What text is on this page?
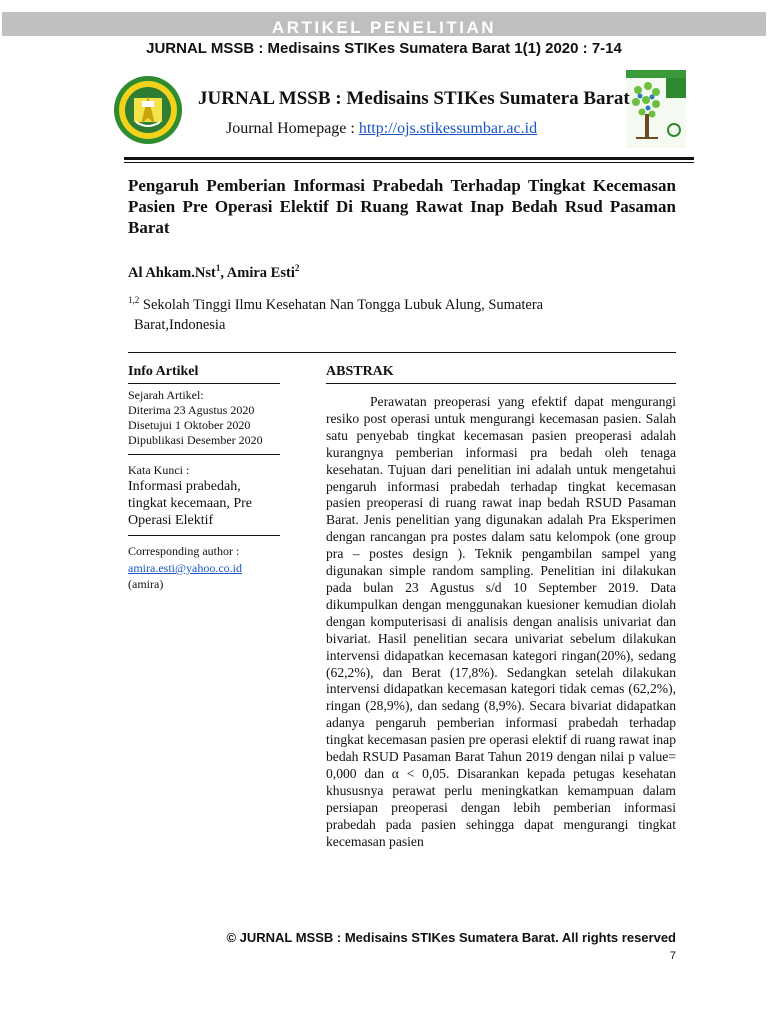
ARTIKEL PENELITIAN
JURNAL MSSB : Medisains STIKes Sumatera Barat 1(1) 2020 : 7-14
JURNAL MSSB : Medisains STIKes Sumatera Barat
Journal Homepage : http://ojs.stikessumbar.ac.id
Pengaruh Pemberian Informasi Prabedah Terhadap Tingkat Kecemasan Pasien Pre Operasi Elektif Di Ruang Rawat Inap Bedah Rsud Pasaman Barat
Al Ahkam.Nst$^1$, Amira Esti$^2$
$^{1,2}$ Sekolah Tinggi Ilmu Kesehatan Nan Tongga Lubuk Alung, Sumatera
Barat,Indonesia
Info Artikel
Sejarah Artikel:
Diterima 23 Agustus 2020
Disetujui 1 Oktober 2020
Dipublikasi Desember 2020
Kata Kunci :
Informasi prabedah, tingkat kecemaan, Pre Operasi Elektif
Corresponding author :
amira.esti@yahoo.co.id
(amira)
ABSTRAK
Perawatan preoperasi yang efektif dapat mengurangi resiko post operasi untuk mengurangi kecemasan pasien. Salah satu penyebab tingkat kecemasan pasien preoperasi adalah kurangnya pemberian informasi pra bedah oleh tenaga kesehatan. Tujuan dari penelitian ini adalah untuk mengetahui pengaruh informasi prabedah terhadap tingkat kecemasan pasien preoperasi di ruang rawat inap bedah RSUD Pasaman Barat. Jenis penelitian yang digunakan adalah Pra Eksperimen dengan rancangan pra postes dalam satu kelompok (one group pra – postes design ). Teknik pengambilan sampel yang digunakan simple random sampling. Penelitian ini dilakukan pada bulan 23 Agustus s/d 10 September 2019. Data dikumpulkan dengan menggunakan kuesioner kemudian diolah dengan komputerisasi di analisis dengan analisis univariat dan bivariat. Hasil penelitian secara univariat sebelum dilakukan intervensi didapatkan kecemasan kategori ringan(20%), sedang (62,2%), dan Berat (17,8%). Sedangkan setelah dilakukan intervensi didapatkan kecemasan kategori tidak cemas (62,2%), ringan (28,9%), dan sedang (8,9%). Secara bivariat didapatkan adanya pengaruh pemberian informasi prabedah terhadap tingkat kecemasan pasien pre operasi elektif di ruang rawat inap bedah RSUD Pasaman Barat Tahun 2019 dengan nilai p value= 0,000 dan α < 0,05. Disarankan kepada petugas kesehatan khususnya perawat perlu meningkatkan kemampuan dalam persiapan preoperasi dengan lebih pemberian informasi prabedah pada pasien sehingga dapat mengurangi tingkat kecemasan pasien
© JURNAL MSSB : Medisains STIKes Sumatera Barat. All rights reserved
7
